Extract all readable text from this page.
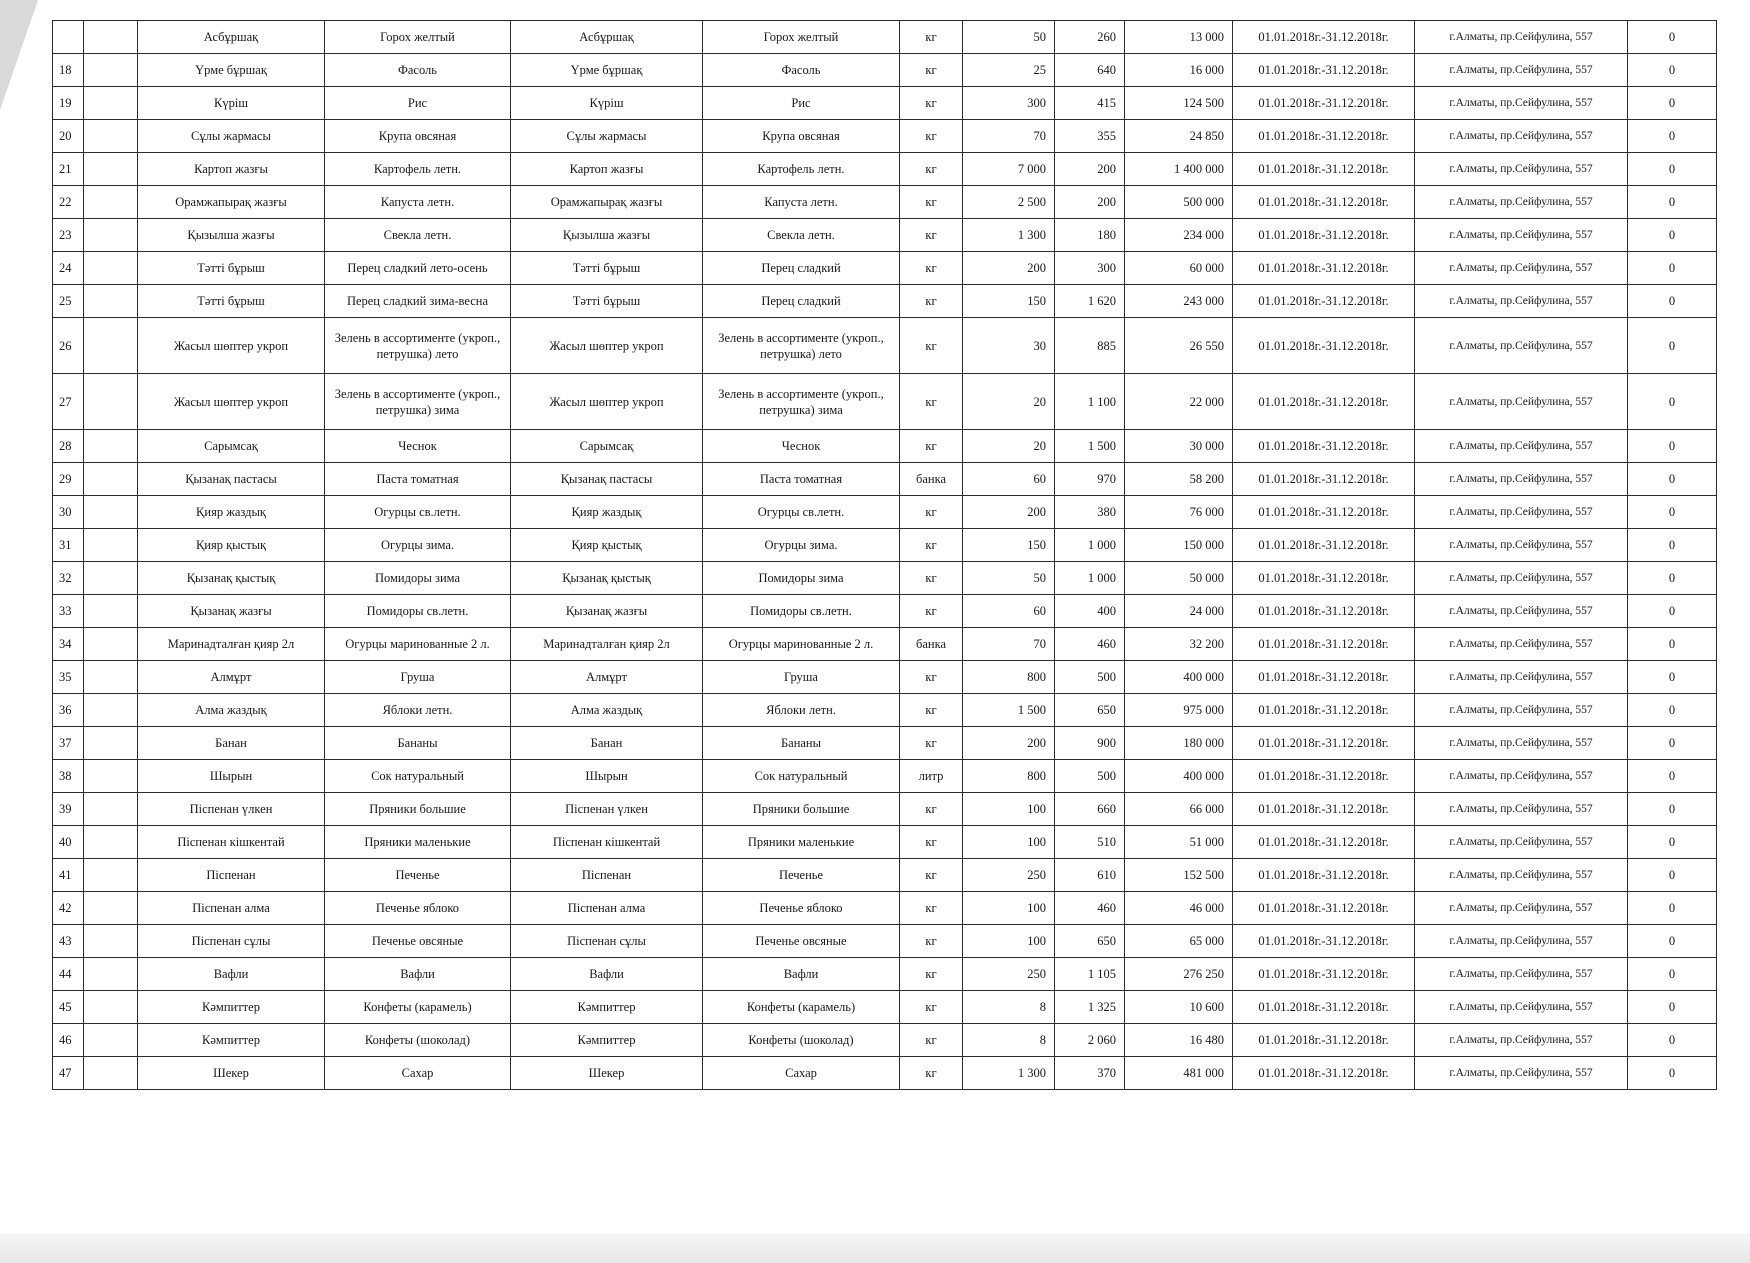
		Асбұршақ	Горох желтый	Асбұршақ	Горох желтый	кг	50	260	13 000	01.01.2018г.-31.12.2018г.	г.Алматы, пр.Сейфулина, 557	0
18		Үрме бұршақ	Фасоль	Үрме бұршақ	Фасоль	кг	25	640	16 000	01.01.2018г.-31.12.2018г.	г.Алматы, пр.Сейфулина, 557	0
19		Күріш	Рис	Күріш	Рис	кг	300	415	124 500	01.01.2018г.-31.12.2018г.	г.Алматы, пр.Сейфулина, 557	0
20		Сұлы жармасы	Крупа овсяная	Сұлы жармасы	Крупа овсяная	кг	70	355	24 850	01.01.2018г.-31.12.2018г.	г.Алматы, пр.Сейфулина, 557	0
21		Картоп жазғы	Картофель летн.	Картоп жазғы	Картофель летн.	кг	7 000	200	1 400 000	01.01.2018г.-31.12.2018г.	г.Алматы, пр.Сейфулина, 557	0
22		Орамжапырақ жазғы	Капуста летн.	Орамжапырақ жазғы	Капуста летн.	кг	2 500	200	500 000	01.01.2018г.-31.12.2018г.	г.Алматы, пр.Сейфулина, 557	0
23		Қызылша жазғы	Свекла летн.	Қызылша жазғы	Свекла летн.	кг	1 300	180	234 000	01.01.2018г.-31.12.2018г.	г.Алматы, пр.Сейфулина, 557	0
24		Тәтті бұрыш	Перец сладкий лето-осень	Тәтті бұрыш	Перец сладкий	кг	200	300	60 000	01.01.2018г.-31.12.2018г.	г.Алматы, пр.Сейфулина, 557	0
25		Тәтті бұрыш	Перец сладкий зима-весна	Тәтті бұрыш	Перец сладкий	кг	150	1 620	243 000	01.01.2018г.-31.12.2018г.	г.Алматы, пр.Сейфулина, 557	0
26		Жасыл шөптер укроп	Зелень в ассортименте (укроп., петрушка) лето	Жасыл шөптер укроп	Зелень в ассортименте (укроп., петрушка) лето	кг	30	885	26 550	01.01.2018г.-31.12.2018г.	г.Алматы, пр.Сейфулина, 557	0
27		Жасыл шөптер укроп	Зелень в ассортименте (укроп., петрушка) зима	Жасыл шөптер укроп	Зелень в ассортименте (укроп., петрушка) зима	кг	20	1 100	22 000	01.01.2018г.-31.12.2018г.	г.Алматы, пр.Сейфулина, 557	0
28		Сарымсақ	Чеснок	Сарымсақ	Чеснок	кг	20	1 500	30 000	01.01.2018г.-31.12.2018г.	г.Алматы, пр.Сейфулина, 557	0
29		Қызанақ пастасы	Паста томатная	Қызанақ пастасы	Паста томатная	банка	60	970	58 200	01.01.2018г.-31.12.2018г.	г.Алматы, пр.Сейфулина, 557	0
30		Қияр жаздық	Огурцы св.летн.	Қияр жаздық	Огурцы св.летн.	кг	200	380	76 000	01.01.2018г.-31.12.2018г.	г.Алматы, пр.Сейфулина, 557	0
31		Қияр қыстық	Огурцы зима.	Қияр қыстық	Огурцы зима.	кг	150	1 000	150 000	01.01.2018г.-31.12.2018г.	г.Алматы, пр.Сейфулина, 557	0
32		Қызанақ қыстық	Помидоры зима	Қызанақ қыстық	Помидоры зима	кг	50	1 000	50 000	01.01.2018г.-31.12.2018г.	г.Алматы, пр.Сейфулина, 557	0
33		Қызанақ жазғы	Помидоры св.летн.	Қызанақ жазғы	Помидоры св.летн.	кг	60	400	24 000	01.01.2018г.-31.12.2018г.	г.Алматы, пр.Сейфулина, 557	0
34		Маринадталған қияр 2л	Огурцы маринованные 2 л.	Маринадталған қияр 2л	Огурцы маринованные 2 л.	банка	70	460	32 200	01.01.2018г.-31.12.2018г.	г.Алматы, пр.Сейфулина, 557	0
35		Алмұрт	Груша	Алмұрт	Груша	кг	800	500	400 000	01.01.2018г.-31.12.2018г.	г.Алматы, пр.Сейфулина, 557	0
36		Алма жаздық	Яблоки летн.	Алма жаздық	Яблоки летн.	кг	1 500	650	975 000	01.01.2018г.-31.12.2018г.	г.Алматы, пр.Сейфулина, 557	0
37		Банан	Бананы	Банан	Бананы	кг	200	900	180 000	01.01.2018г.-31.12.2018г.	г.Алматы, пр.Сейфулина, 557	0
38		Шырын	Сок натуральный	Шырын	Сок натуральный	литр	800	500	400 000	01.01.2018г.-31.12.2018г.	г.Алматы, пр.Сейфулина, 557	0
39		Піспенан үлкен	Пряники большие	Піспенан үлкен	Пряники большие	кг	100	660	66 000	01.01.2018г.-31.12.2018г.	г.Алматы, пр.Сейфулина, 557	0
40		Піспенан кішкентай	Пряники маленькие	Піспенан кішкентай	Пряники маленькие	кг	100	510	51 000	01.01.2018г.-31.12.2018г.	г.Алматы, пр.Сейфулина, 557	0
41		Піспенан	Печенье	Піспенан	Печенье	кг	250	610	152 500	01.01.2018г.-31.12.2018г.	г.Алматы, пр.Сейфулина, 557	0
42		Піспенан алма	Печенье яблоко	Піспенан алма	Печенье яблоко	кг	100	460	46 000	01.01.2018г.-31.12.2018г.	г.Алматы, пр.Сейфулина, 557	0
43		Піспенан сұлы	Печенье овсяные	Піспенан сұлы	Печенье овсяные	кг	100	650	65 000	01.01.2018г.-31.12.2018г.	г.Алматы, пр.Сейфулина, 557	0
44		Вафли	Вафли	Вафли	Вафли	кг	250	1 105	276 250	01.01.2018г.-31.12.2018г.	г.Алматы, пр.Сейфулина, 557	0
45		Кәмпиттер	Конфеты (карамель)	Кәмпиттер	Конфеты (карамель)	кг	8	1 325	10 600	01.01.2018г.-31.12.2018г.	г.Алматы, пр.Сейфулина, 557	0
46		Кәмпиттер	Конфеты (шоколад)	Кәмпиттер	Конфеты (шоколад)	кг	8	2 060	16 480	01.01.2018г.-31.12.2018г.	г.Алматы, пр.Сейфулина, 557	0
47		Шекер	Сахар	Шекер	Сахар	кг	1 300	370	481 000	01.01.2018г.-31.12.2018г.	г.Алматы, пр.Сейфулина, 557	0
